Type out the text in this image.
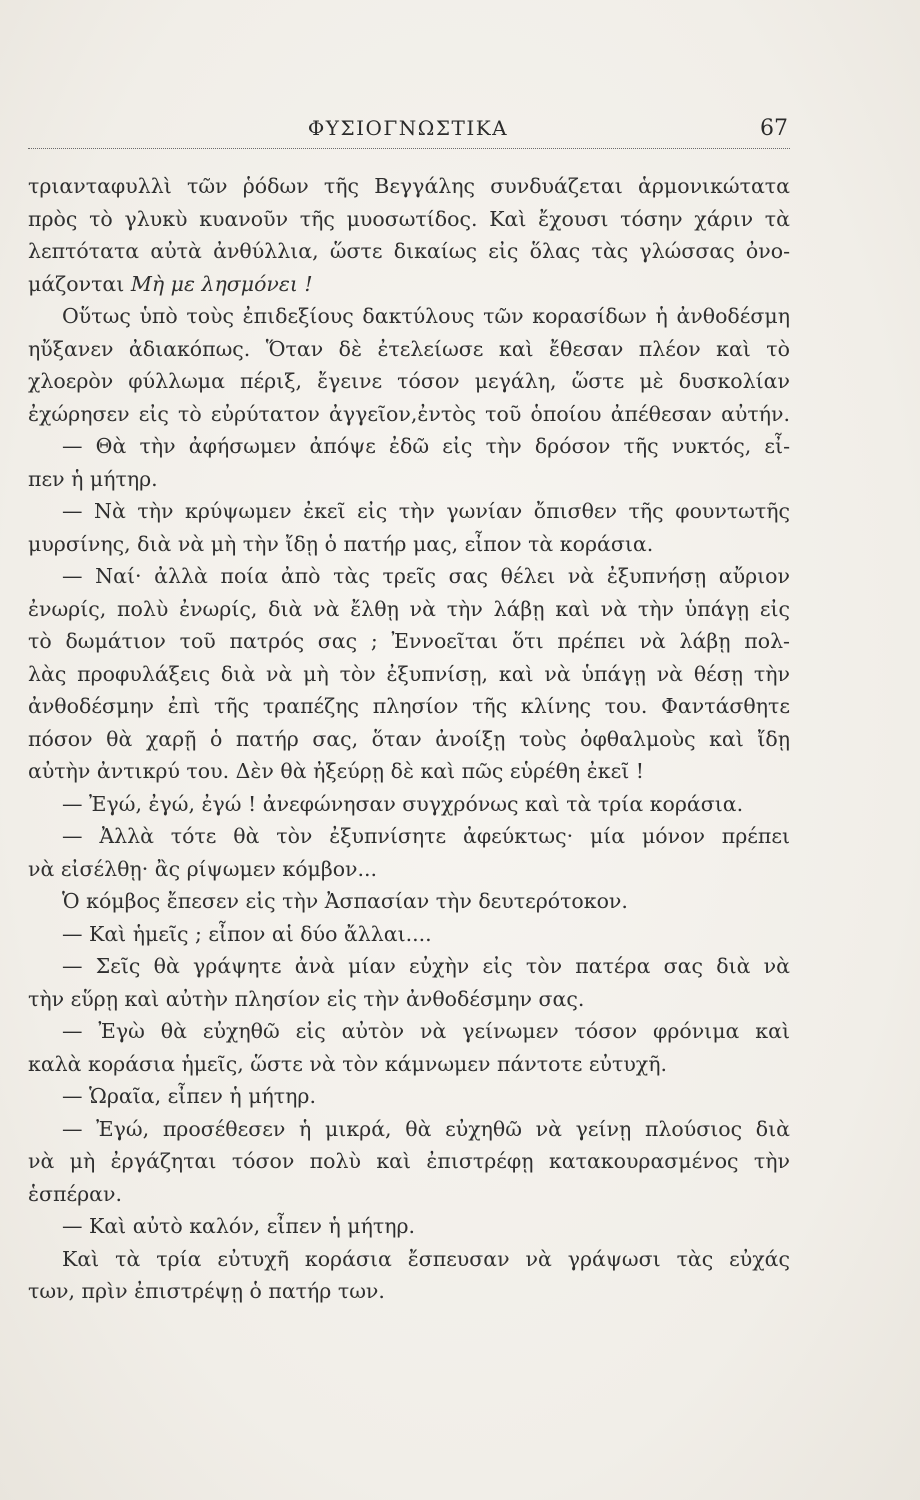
ΦΥΣΙΟΓΝΩΣΤΙΚΑ	67
τριανταφυλλὶ τῶν ῥόδων τῆς Βεγγάλης συνδυάζεται ἁρμονικώτατα
πρὸς τὸ γλυκὺ κυανοῦν τῆς μυοσωτίδος. Καὶ ἔχουσι τόσην χάριν τὰ
λεπτότατα αὐτὰ ἀνθύλλια, ὥστε δικαίως εἰς ὅλας τὰς γλώσσας ὀνο-
μάζονται Μὴ με λησμόνει !
Οὕτως ὑπὸ τοὺς ἐπιδεξίους δακτύλους τῶν κορασίδων ἡ ἀνθοδέσμη
ηὔξανεν ἀδιακόπως. Ὅταν δὲ ἐτελείωσε καὶ ἔθεσαν πλέον καὶ τὸ
χλοερὸν φύλλωμα πέριξ, ἔγεινε τόσον μεγάλη, ὥστε μὲ δυσκολίαν
ἐχώρησεν εἰς τὸ εὐρύτατον ἀγγεῖον,ἐντὸς τοῦ ὁποίου ἀπέθεσαν αὐτήν.
— Θὰ τὴν ἀφήσωμεν ἀπόψε ἐδῶ εἰς τὴν δρόσον τῆς νυκτός, εἶ-
πεν ἡ μήτηρ.
— Νὰ τὴν κρύψωμεν ἐκεῖ εἰς τὴν γωνίαν ὄπισθεν τῆς φουντωτῆς
μυρσίνης, διὰ νὰ μὴ τὴν ἴδῃ ὁ πατήρ μας, εἶπον τὰ κοράσια.
— Ναί· ἀλλὰ ποία ἀπὸ τὰς τρεῖς σας θέλει νὰ ἐξυπνήσῃ αὔριον
ἐνωρίς, πολὺ ἐνωρίς, διὰ νὰ ἔλθῃ νὰ τὴν λάβῃ καὶ νὰ τὴν ὑπάγῃ εἰς
τὸ δωμάτιον τοῦ πατρός σας ; Ἐννοεῖται ὅτι πρέπει νὰ λάβῃ πολ-
λὰς προφυλάξεις διὰ νὰ μὴ τὸν ἐξυπνίσῃ, καὶ νὰ ὑπάγῃ νὰ θέσῃ τὴν
ἀνθοδέσμην ἐπὶ τῆς τραπέζης πλησίον τῆς κλίνης του. Φαντάσθητε
πόσον θὰ χαρῇ ὁ πατήρ σας, ὅταν ἀνοίξῃ τοὺς ὀφθαλμοὺς καὶ ἴδῃ
αὐτὴν ἀντικρύ του. Δὲν θὰ ἠξεύρῃ δὲ καὶ πῶς εὑρέθη ἐκεῖ !
— Ἐγώ, ἐγώ, ἐγώ ! ἀνεφώνησαν συγχρόνως καὶ τὰ τρία κοράσια.
— Ἀλλὰ τότε θὰ τὸν ἐξυπνίσητε ἀφεύκτως· μία μόνον πρέπει
νὰ εἰσέλθῃ· ἂς ρίψωμεν κόμβον...
Ὁ κόμβος ἔπεσεν εἰς τὴν Ἀσπασίαν τὴν δευτερότοκον.
— Καὶ ἡμεῖς ; εἶπον αἱ δύο ἄλλαι....
— Σεῖς θὰ γράψητε ἀνὰ μίαν εὐχὴν εἰς τὸν πατέρα σας διὰ νὰ
τὴν εὕρῃ καὶ αὐτὴν πλησίον εἰς τὴν ἀνθοδέσμην σας.
— Ἐγὼ θὰ εὐχηθῶ εἰς αὐτὸν νὰ γείνωμεν τόσον φρόνιμα καὶ
καλὰ κοράσια ἡμεῖς, ὥστε νὰ τὸν κάμνωμεν πάντοτε εὐτυχῆ.
— Ὡραῖα, εἶπεν ἡ μήτηρ.
— Ἐγώ, προσέθεσεν ἡ μικρά, θὰ εὐχηθῶ νὰ γείνῃ πλούσιος διὰ
νὰ μὴ ἐργάζηται τόσον πολὺ καὶ ἐπιστρέφῃ κατακουρασμένος τὴν
ἑσπέραν.
— Καὶ αὐτὸ καλόν, εἶπεν ἡ μήτηρ.
Καὶ τὰ τρία εὐτυχῆ κοράσια ἔσπευσαν νὰ γράψωσι τὰς εὐχάς
των, πρὶν ἐπιστρέψῃ ὁ πατήρ των.
